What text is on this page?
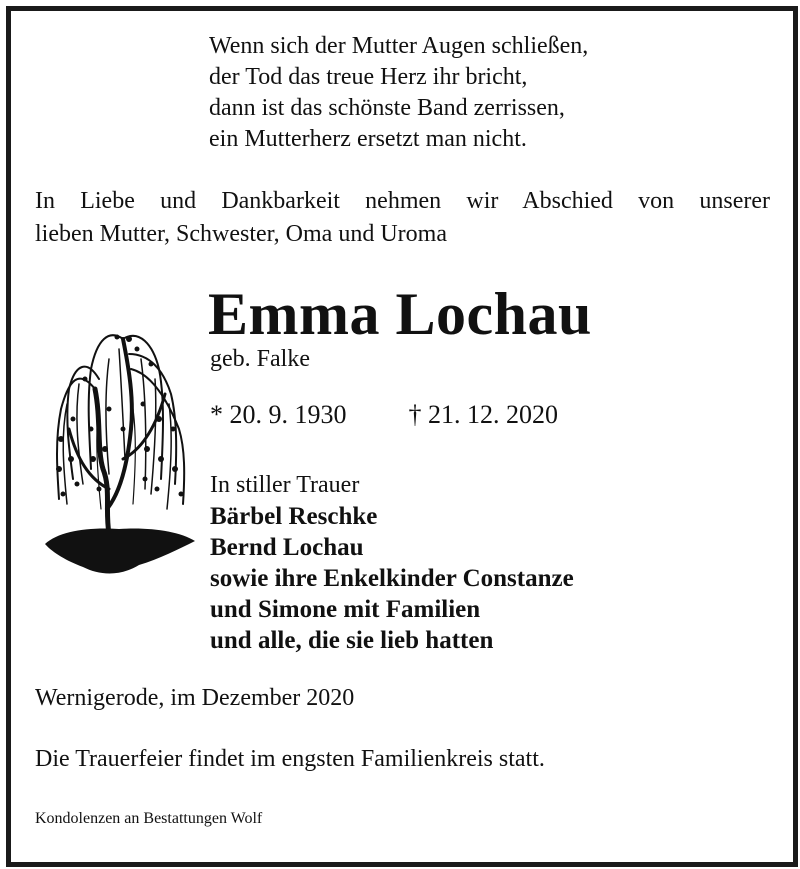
Wenn sich der Mutter Augen schließen,
der Tod das treue Herz ihr bricht,
dann ist das schönste Band zerrissen,
ein Mutterherz ersetzt man nicht.
In Liebe und Dankbarkeit nehmen wir Abschied von unserer
lieben Mutter, Schwester, Oma und Uroma
Emma Lochau
geb. Falke
* 20. 9. 1930 † 21. 12. 2020
In stiller Trauer
Bärbel Reschke
Bernd Lochau
sowie ihre Enkelkinder Constanze
und Simone mit Familien
und alle, die sie lieb hatten
Wernigerode, im Dezember 2020
Die Trauerfeier findet im engsten Familienkreis statt.
Kondolenzen an Bestattungen Wolf
